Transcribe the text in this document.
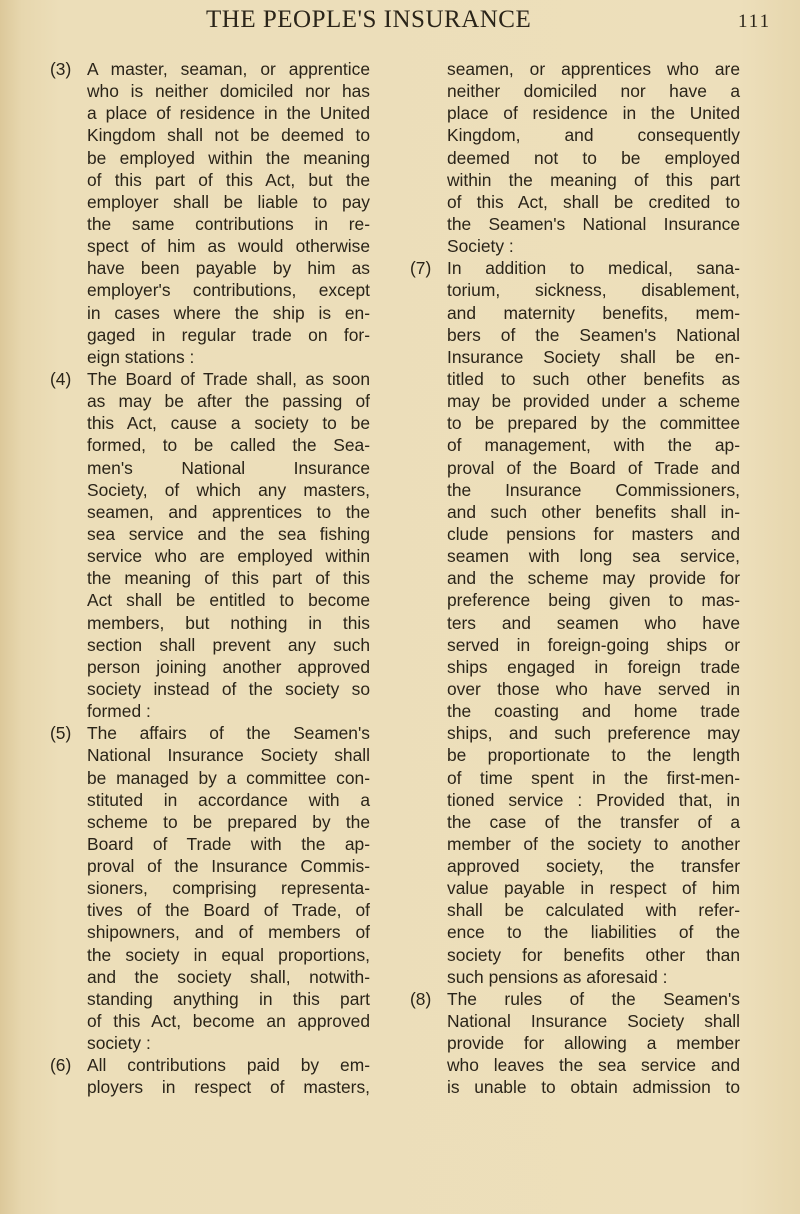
THE PEOPLE'S INSURANCE	111
(3) A master, seaman, or apprentice
who is neither domiciled nor has
a place of residence in the United
Kingdom shall not be deemed to
be employed within the meaning
of this part of this Act, but the
employer shall be liable to pay
the same contributions in re-
spect of him as would otherwise
have been payable by him as
employer's contributions, except
in cases where the ship is en-
gaged in regular trade on for-
eign stations :
(4) The Board of Trade shall, as soon
as may be after the passing of
this Act, cause a society to be
formed, to be called the Sea-
men's National Insurance
Society, of which any masters,
seamen, and apprentices to the
sea service and the sea fishing
service who are employed within
the meaning of this part of this
Act shall be entitled to become
members, but nothing in this
section shall prevent any such
person joining another approved
society instead of the society so
formed :
(5) The affairs of the Seamen's
National Insurance Society shall
be managed by a committee con-
stituted in accordance with a
scheme to be prepared by the
Board of Trade with the ap-
proval of the Insurance Commis-
sioners, comprising representa-
tives of the Board of Trade, of
shipowners, and of members of
the society in equal proportions,
and the society shall, notwith-
standing anything in this part
of this Act, become an approved
society :
(6) All contributions paid by em-
ployers in respect of masters,
seamen, or apprentices who are
neither domiciled nor have a
place of residence in the United
Kingdom, and consequently
deemed not to be employed
within the meaning of this part
of this Act, shall be credited to
the Seamen's National Insurance
Society :
(7) In addition to medical, sana-
torium, sickness, disablement,
and maternity benefits, mem-
bers of the Seamen's National
Insurance Society shall be en-
titled to such other benefits as
may be provided under a scheme
to be prepared by the committee
of management, with the ap-
proval of the Board of Trade and
the Insurance Commissioners,
and such other benefits shall in-
clude pensions for masters and
seamen with long sea service,
and the scheme may provide for
preference being given to mas-
ters and seamen who have
served in foreign-going ships or
ships engaged in foreign trade
over those who have served in
the coasting and home trade
ships, and such preference may
be proportionate to the length
of time spent in the first-men-
tioned service : Provided that, in
the case of the transfer of a
member of the society to another
approved society, the transfer
value payable in respect of him
shall be calculated with refer-
ence to the liabilities of the
society for benefits other than
such pensions as aforesaid :
(8) The rules of the Seamen's
National Insurance Society shall
provide for allowing a member
who leaves the sea service and
is unable to obtain admission to
